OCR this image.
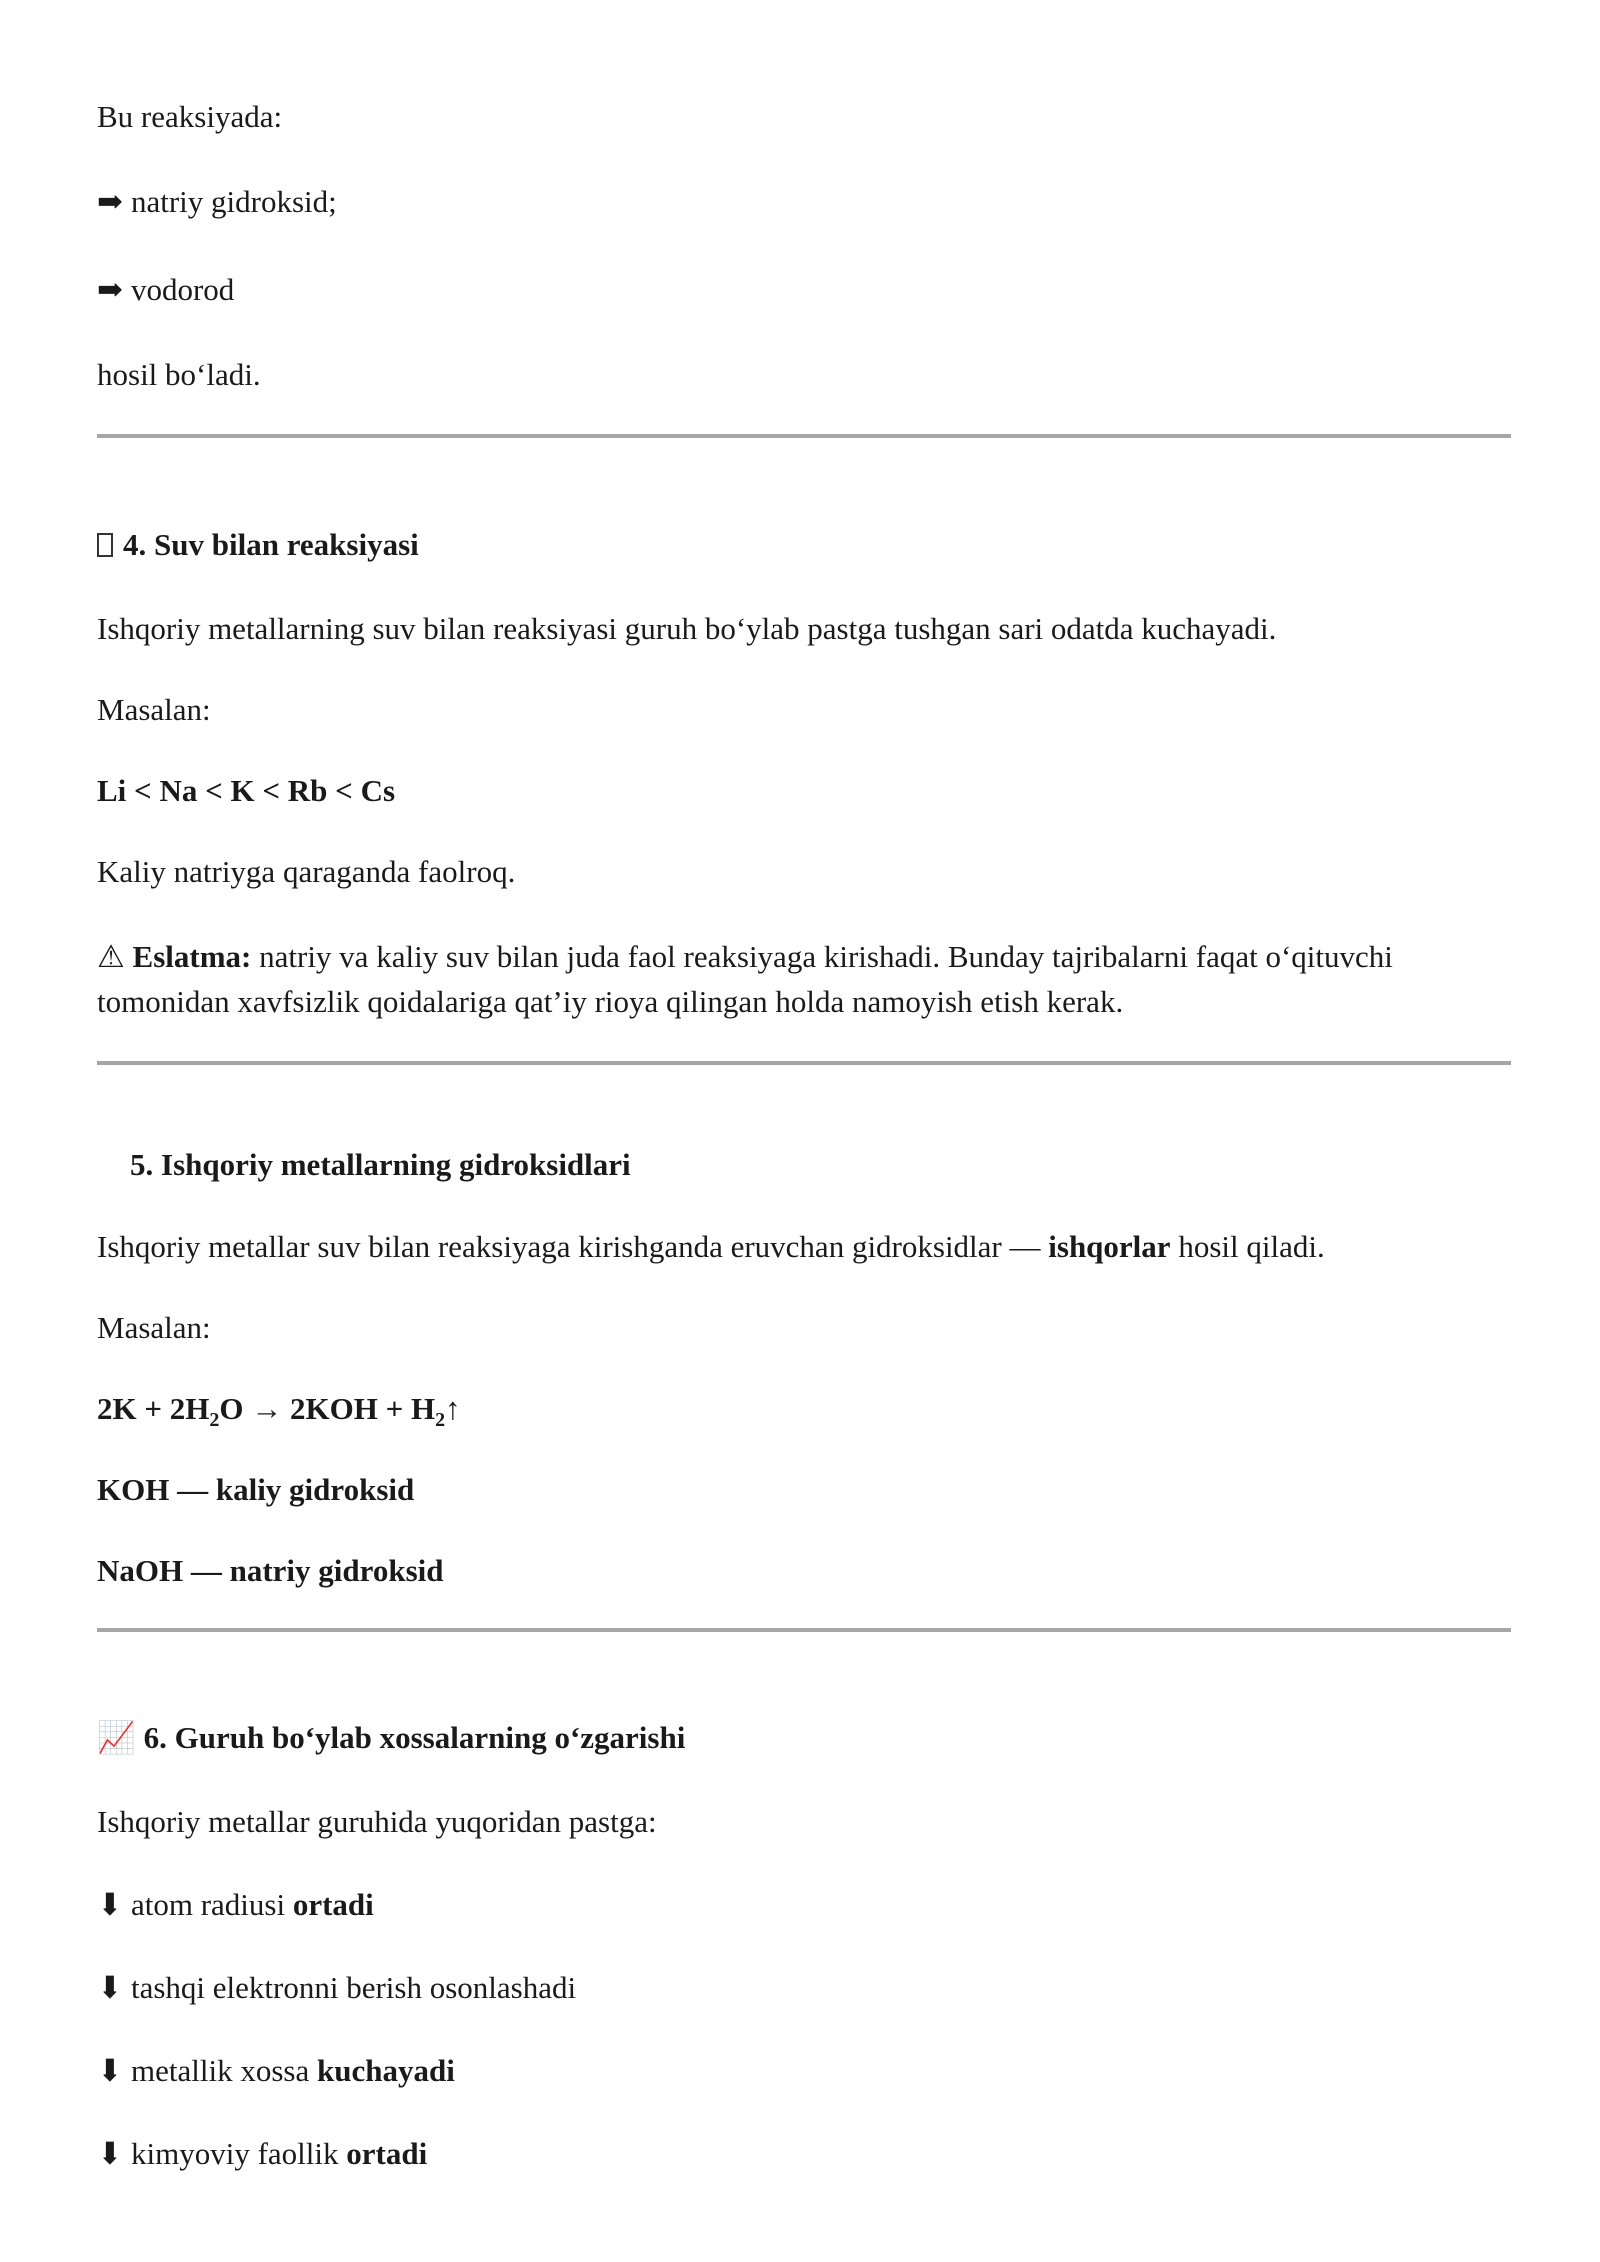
Bu reaksiyada:
➡ natriy gidroksid;
➡ vodorod
hosil bo‘ladi.
4. Suv bilan reaksiyasi
Ishqoriy metallarning suv bilan reaksiyasi guruh bo‘ylab pastga tushgan sari odatda kuchayadi.
Masalan:
Li < Na < K < Rb < Cs
Kaliy natriyga qaraganda faolroq.
⚠ Eslatma: natriy va kaliy suv bilan juda faol reaksiyaga kirishadi. Bunday tajribalarni faqat o‘qituvchi tomonidan xavfsizlik qoidalariga qat’iy rioya qilingan holda namoyish etish kerak.
5. Ishqoriy metallarning gidroksidlari
Ishqoriy metallar suv bilan reaksiyaga kirishganda eruvchan gidroksidlar — ishqorlar hosil qiladi.
Masalan:
$2K + 2H_2O \to 2KOH$ + $H_2↑$
KOH — kaliy gidroksid
NaOH — natriy gidroksid
📈 6. Guruh bo‘ylab xossalarning o‘zgarishi
Ishqoriy metallar guruhida yuqoridan pastga:
⬇ atom radiusi ortadi
⬇ tashqi elektronni berish osonlashadi
⬇ metallik xossa kuchayadi
⬇ kimyoviy faollik ortadi
